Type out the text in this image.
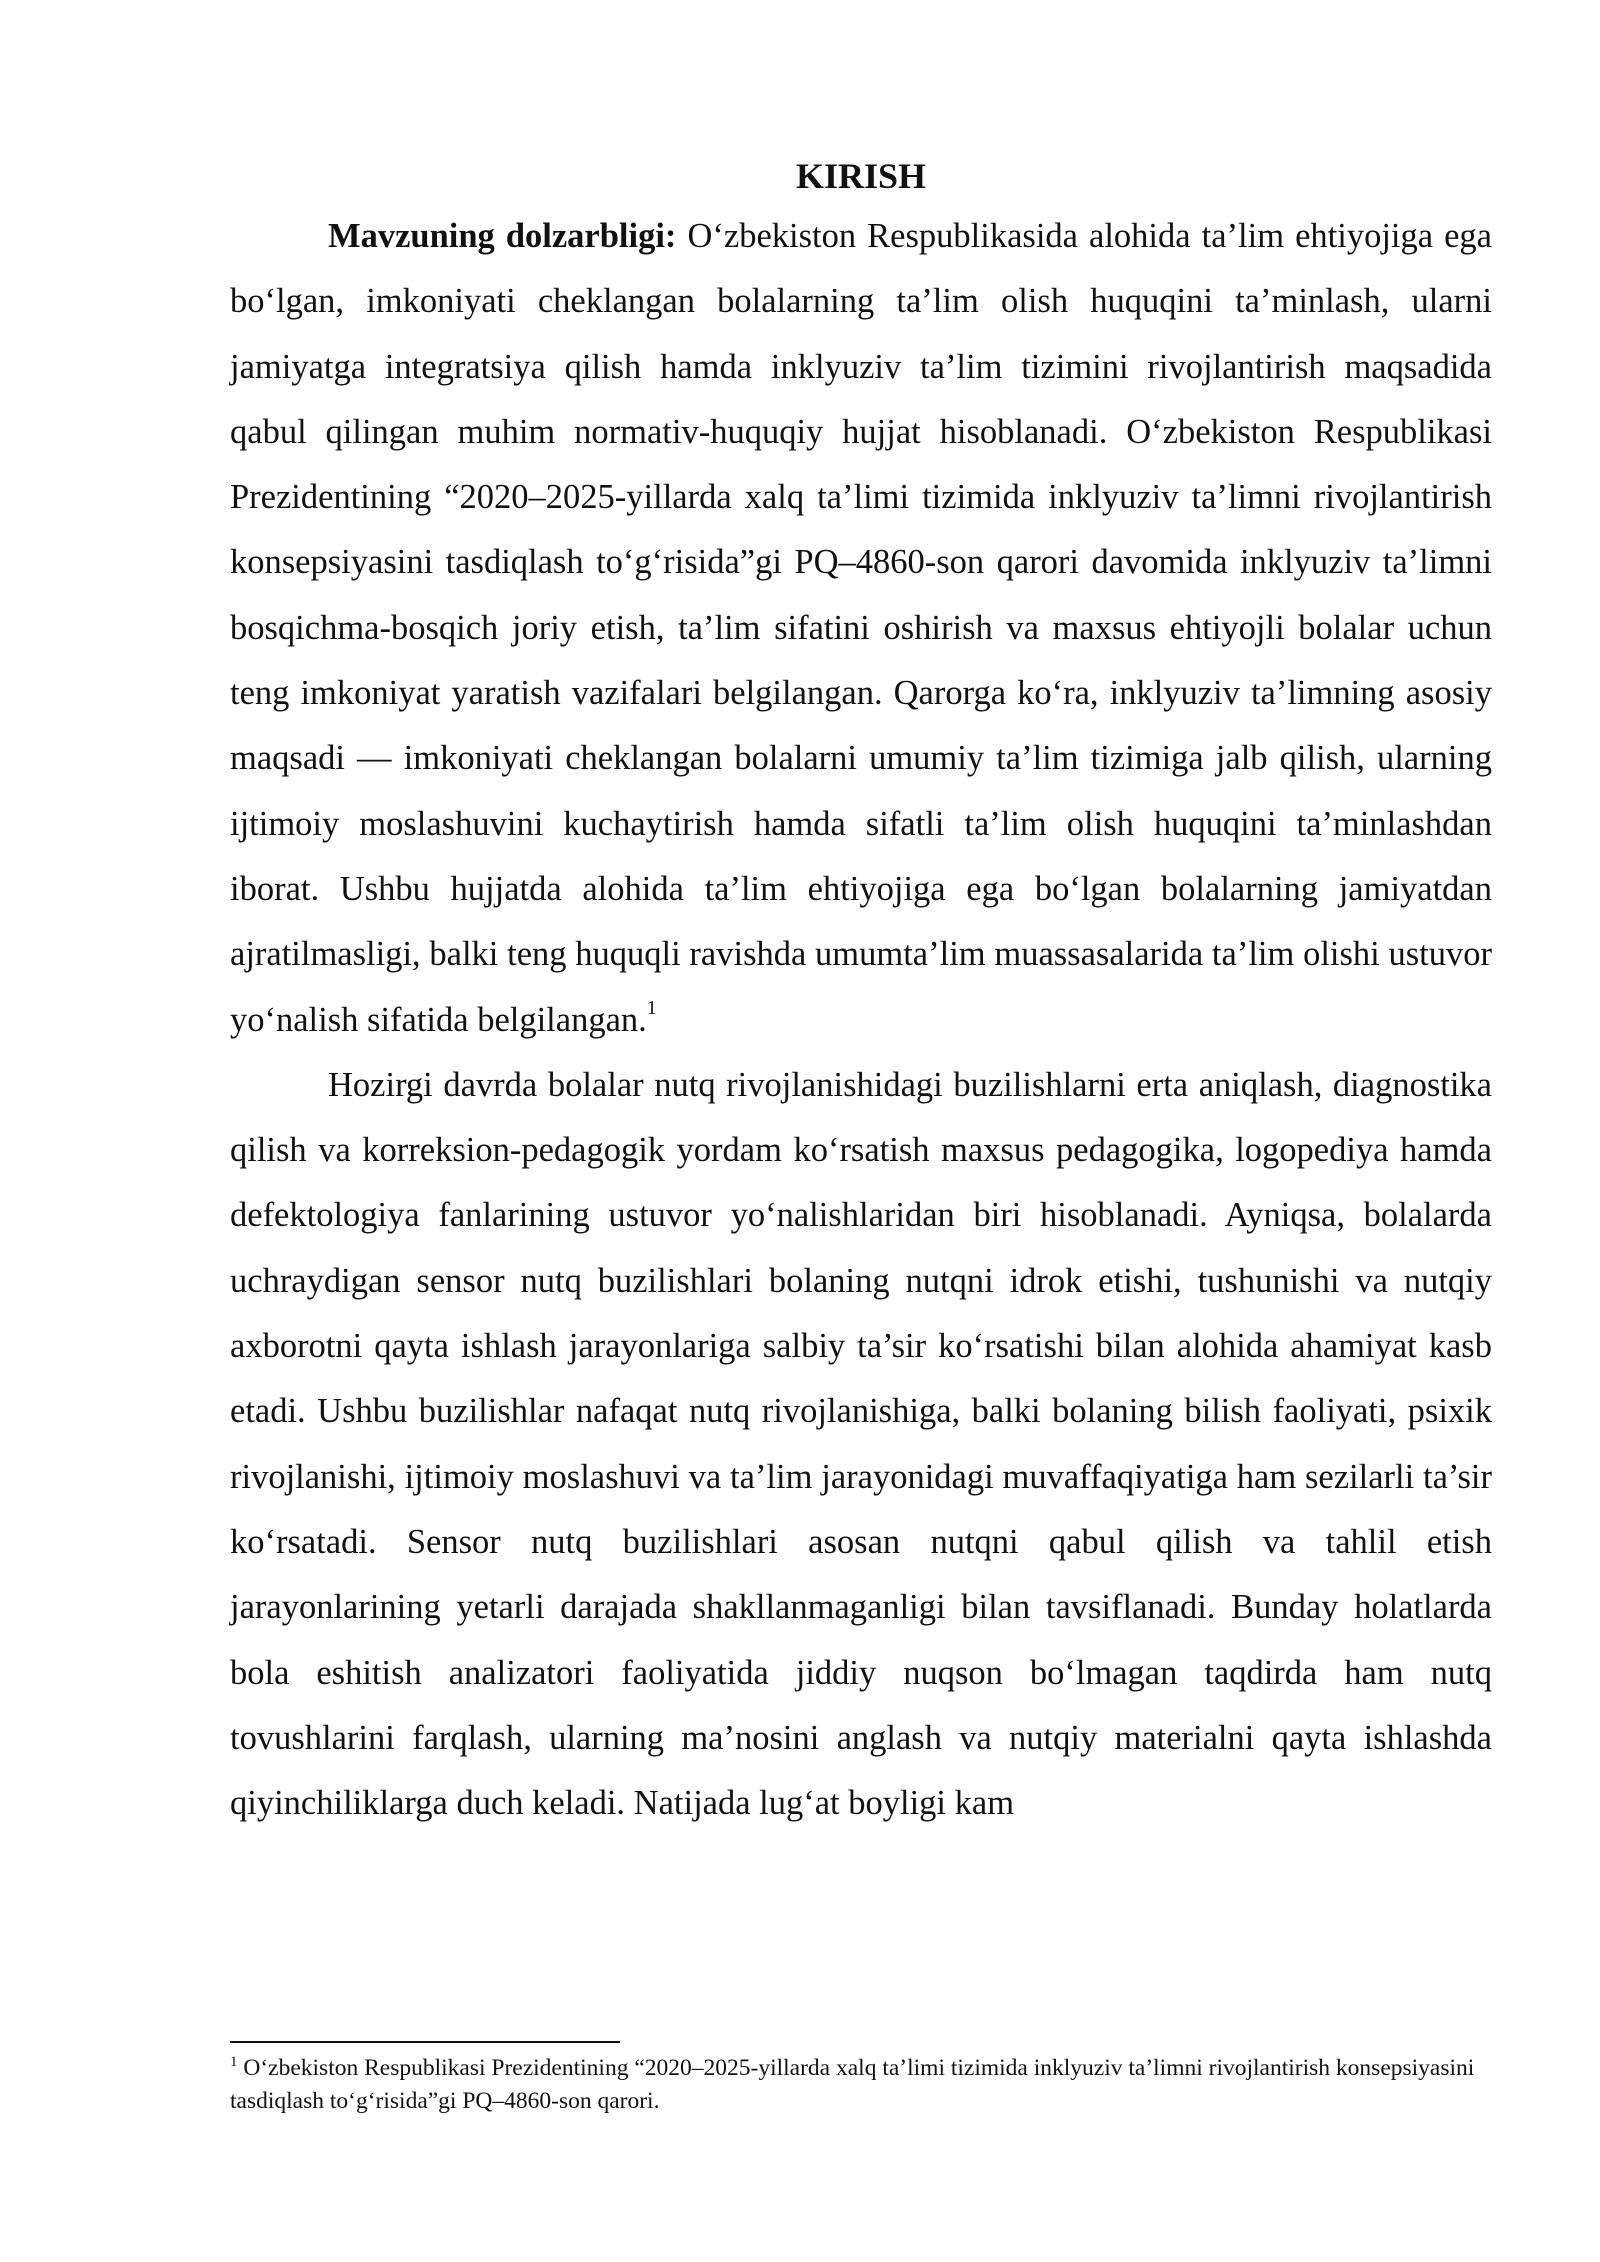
KIRISH

Mavzuning dolzarbligi: O‘zbekiston Respublikasida alohida ta’lim ehtiyojiga ega bo‘lgan, imkoniyati cheklangan bolalarning ta’lim olish huquqini ta’minlash, ularni jamiyatga integratsiya qilish hamda inklyuziv ta’lim tizimini rivojlantirish maqsadida qabul qilingan muhim normativ-huquqiy hujjat hisoblanadi. O‘zbekiston Respublikasi Prezidentining “2020–2025-yillarda xalq ta’limi tizimida inklyuziv ta’limni rivojlantirish konsepsiyasini tasdiqlash to‘g‘risida”gi PQ–4860-son qarori davomida inklyuziv ta’limni bosqichma-bosqich joriy etish, ta’lim sifatini oshirish va maxsus ehtiyojli bolalar uchun teng imkoniyat yaratish vazifalari belgilangan. Qarorga ko‘ra, inklyuziv ta’limning asosiy maqsadi — imkoniyati cheklangan bolalarni umumiy ta’lim tizimiga jalb qilish, ularning ijtimoiy moslashuvini kuchaytirish hamda sifatli ta’lim olish huquqini ta’minlashdan iborat. Ushbu hujjatda alohida ta’lim ehtiyojiga ega bo‘lgan bolalarning jamiyatdan ajratilmasligi, balki teng huquqli ravishda umumta’lim muassasalarida ta’lim olishi ustuvor yo‘nalish sifatida belgilangan.$^1$

Hozirgi davrda bolalar nutq rivojlanishidagi buzilishlarni erta aniqlash, diagnostika qilish va korreksion-pedagogik yordam ko‘rsatish maxsus pedagogika, logopediya hamda defektologiya fanlarining ustuvor yo‘nalishlaridan biri hisoblanadi. Ayniqsa, bolalarda uchraydigan sensor nutq buzilishlari bolaning nutqni idrok etishi, tushunishi va nutqiy axborotni qayta ishlash jarayonlariga salbiy ta’sir ko‘rsatishi bilan alohida ahamiyat kasb etadi. Ushbu buzilishlar nafaqat nutq rivojlanishiga, balki bolaning bilish faoliyati, psixik rivojlanishi, ijtimoiy moslashuvi va ta’lim jarayonidagi muvaffaqiyatiga ham sezilarli ta’sir ko‘rsatadi. Sensor nutq buzilishlari asosan nutqni qabul qilish va tahlil etish jarayonlarining yetarli darajada shakllanmaganligi bilan tavsiflanadi. Bunday holatlarda bola eshitish analizatori faoliyatida jiddiy nuqson bo‘lmagan taqdirda ham nutq tovushlarini farqlash, ularning ma’nosini anglash va nutqiy materialni qayta ishlashda qiyinchiliklarga duch keladi. Natijada lug‘at boyligi kam

$^1$ O‘zbekiston Respublikasi Prezidentining “2020–2025-yillarda xalq ta’limi tizimida inklyuziv ta’limni rivojlantirish konsepsiyasini tasdiqlash to‘g‘risida”gi PQ–4860-son qarori.
